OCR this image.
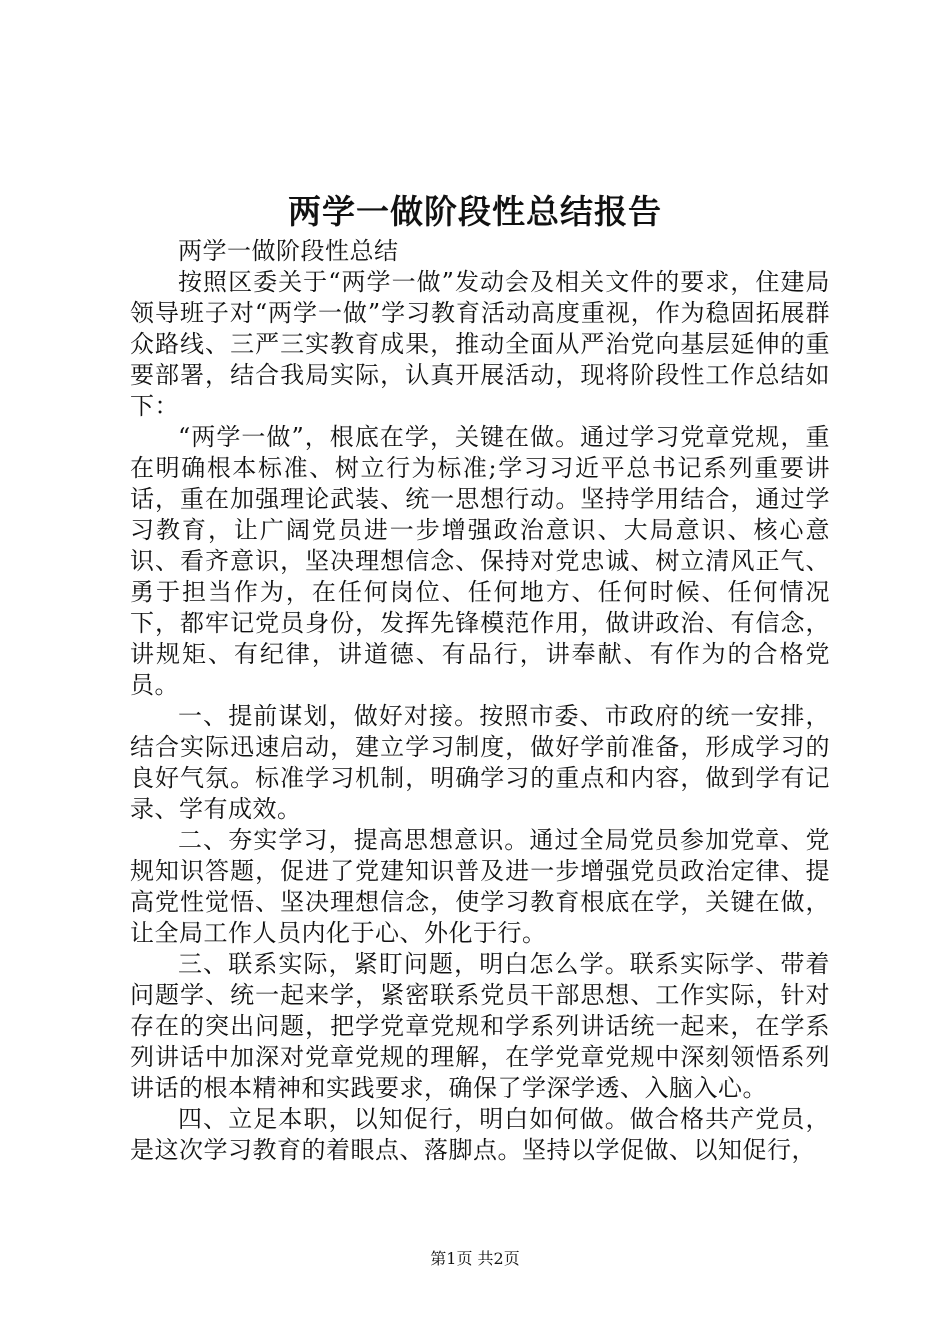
两学一做阶段性总结报告

两学一做阶段性总结

按照区委关于“两学一做”发动会及相关文件的要求，住建局领导班子对“两学一做”学习教育活动高度重视，作为稳固拓展群众路线、三严三实教育成果，推动全面从严治党向基层延伸的重要部署，结合我局实际，认真开展活动，现将阶段性工作总结如下：

“两学一做”，根底在学，关键在做。通过学习党章党规，重在明确根本标准、树立行为标准;学习习近平总书记系列重要讲话，重在加强理论武装、统一思想行动。坚持学用结合，通过学习教育，让广阔党员进一步增强政治意识、大局意识、核心意识、看齐意识，坚决理想信念、保持对党忠诚、树立清风正气、勇于担当作为，在任何岗位、任何地方、任何时候、任何情况下，都牢记党员身份，发挥先锋模范作用，做讲政治、有信念，讲规矩、有纪律，讲道德、有品行，讲奉献、有作为的合格党员。

一、提前谋划，做好对接。按照市委、市政府的统一安排，结合实际迅速启动，建立学习制度，做好学前准备，形成学习的良好气氛。标准学习机制，明确学习的重点和内容，做到学有记录、学有成效。

二、夯实学习，提高思想意识。通过全局党员参加党章、党规知识答题，促进了党建知识普及进一步增强党员政治定律、提高党性觉悟、坚决理想信念，使学习教育根底在学，关键在做，让全局工作人员内化于心、外化于行。

三、联系实际，紧盯问题，明白怎么学。联系实际学、带着问题学、统一起来学，紧密联系党员干部思想、工作实际，针对存在的突出问题，把学党章党规和学系列讲话统一起来，在学系列讲话中加深对党章党规的理解，在学党章党规中深刻领悟系列讲话的根本精神和实践要求，确保了学深学透、入脑入心。

四、立足本职，以知促行，明白如何做。做合格共产党员，是这次学习教育的着眼点、落脚点。坚持以学促做、以知促行，

第1页 共2页
